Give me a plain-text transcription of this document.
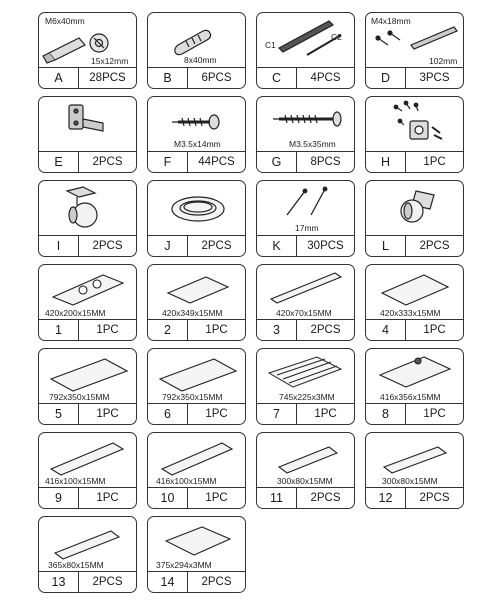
M6x40mm
15x12mm
A	28PCS
8x40mm
B	6PCS
C1
C2
C	4PCS
M4x18mm
102mm
D	3PCS
E	2PCS
M3.5x14mm
F	44PCS
M3.5x35mm
G	8PCS	H	1PC
I	2PCS	J	2PCS
17mm
K	30PCS	L	2PCS
420x200x15MM
1	1PC
420x349x15MM
2	1PC
420x70x15MM
3	2PCS
420x333x15MM
4	1PC
792x350x15MM
5	1PC
792x350x15MM
6	1PC
745x225x3MM
7	1PC
416x356x15MM
8	1PC
416x100x15MM
9	1PC
416x100x15MM
10	1PC
300x80x15MM
11	2PCS
300x80x15MM
12	2PCS
365x80x15MM
13	2PCS
375x294x3MM
14	2PCS
